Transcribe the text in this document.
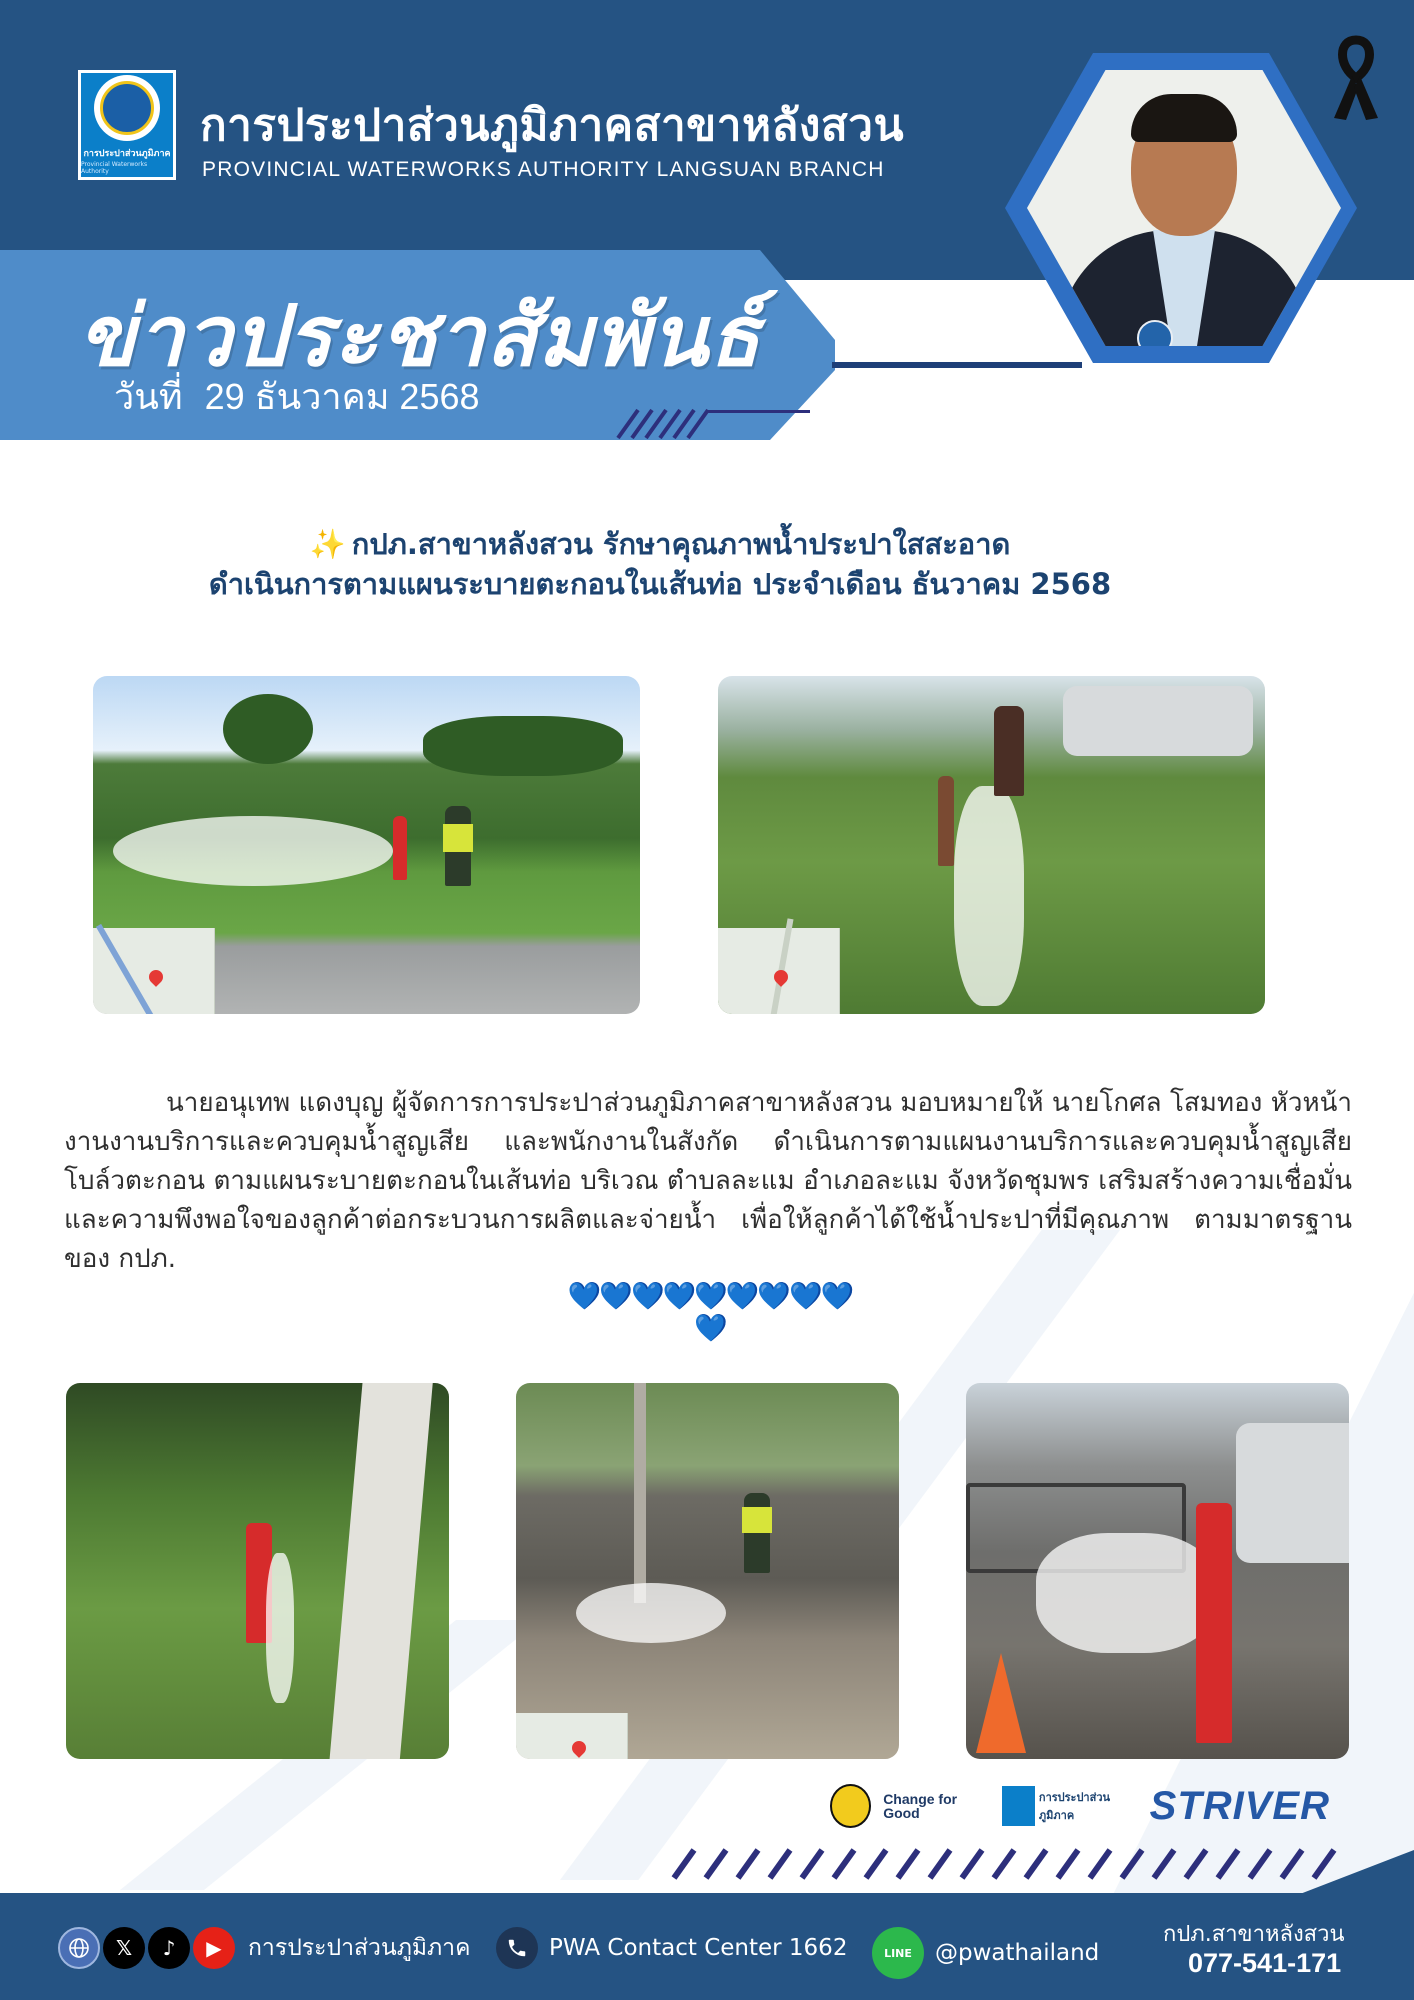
การประปาส่วนภูมิภาค
Provincial Waterworks Authority
การประปาส่วนภูมิภาคสาขาหลังสวน
PROVINCIAL WATERWORKS AUTHORITY LANGSUAN BRANCH
ข่าวประชาสัมพันธ์
วันที่ 29 ธันวาคม 2568
✨ กปภ.สาขาหลังสวน รักษาคุณภาพน้ำประปาใสสะอาด
ดำเนินการตามแผนระบายตะกอนในเส้นท่อ ประจำเดือน ธันวาคม 2568
นายอนุเทพ แดงบุญ ผู้จัดการการประปาส่วนภูมิภาคสาขาหลังสวน มอบหมายให้ นายโกศล โสมทอง หัวหน้างานงานบริการและควบคุมน้ำสูญเสีย และพนักงานในสังกัด ดำเนินการตามแผนงานบริการและควบคุมน้ำสูญเสีย โบล์วตะกอน ตามแผนระบายตะกอนในเส้นท่อ บริเวณ ตำบลละแม อำเภอละแม จังหวัดชุมพร เสริมสร้างความเชื่อมั่นและความพึงพอใจของลูกค้าต่อกระบวนการผลิตและจ่ายน้ำ เพื่อให้ลูกค้าได้ใช้น้ำประปาที่มีคุณภาพ ตามมาตรฐานของ กปภ.
💙💙💙💙💙💙💙💙💙💙
Change for Good
การประปาส่วนภูมิภาค	STRIVER
𝕏	♪	▶	การประปาส่วนภูมิภาค	PWA Contact Center 1662	LINE	@pwathailand
กปภ.สาขาหลังสวน
077-541-171
